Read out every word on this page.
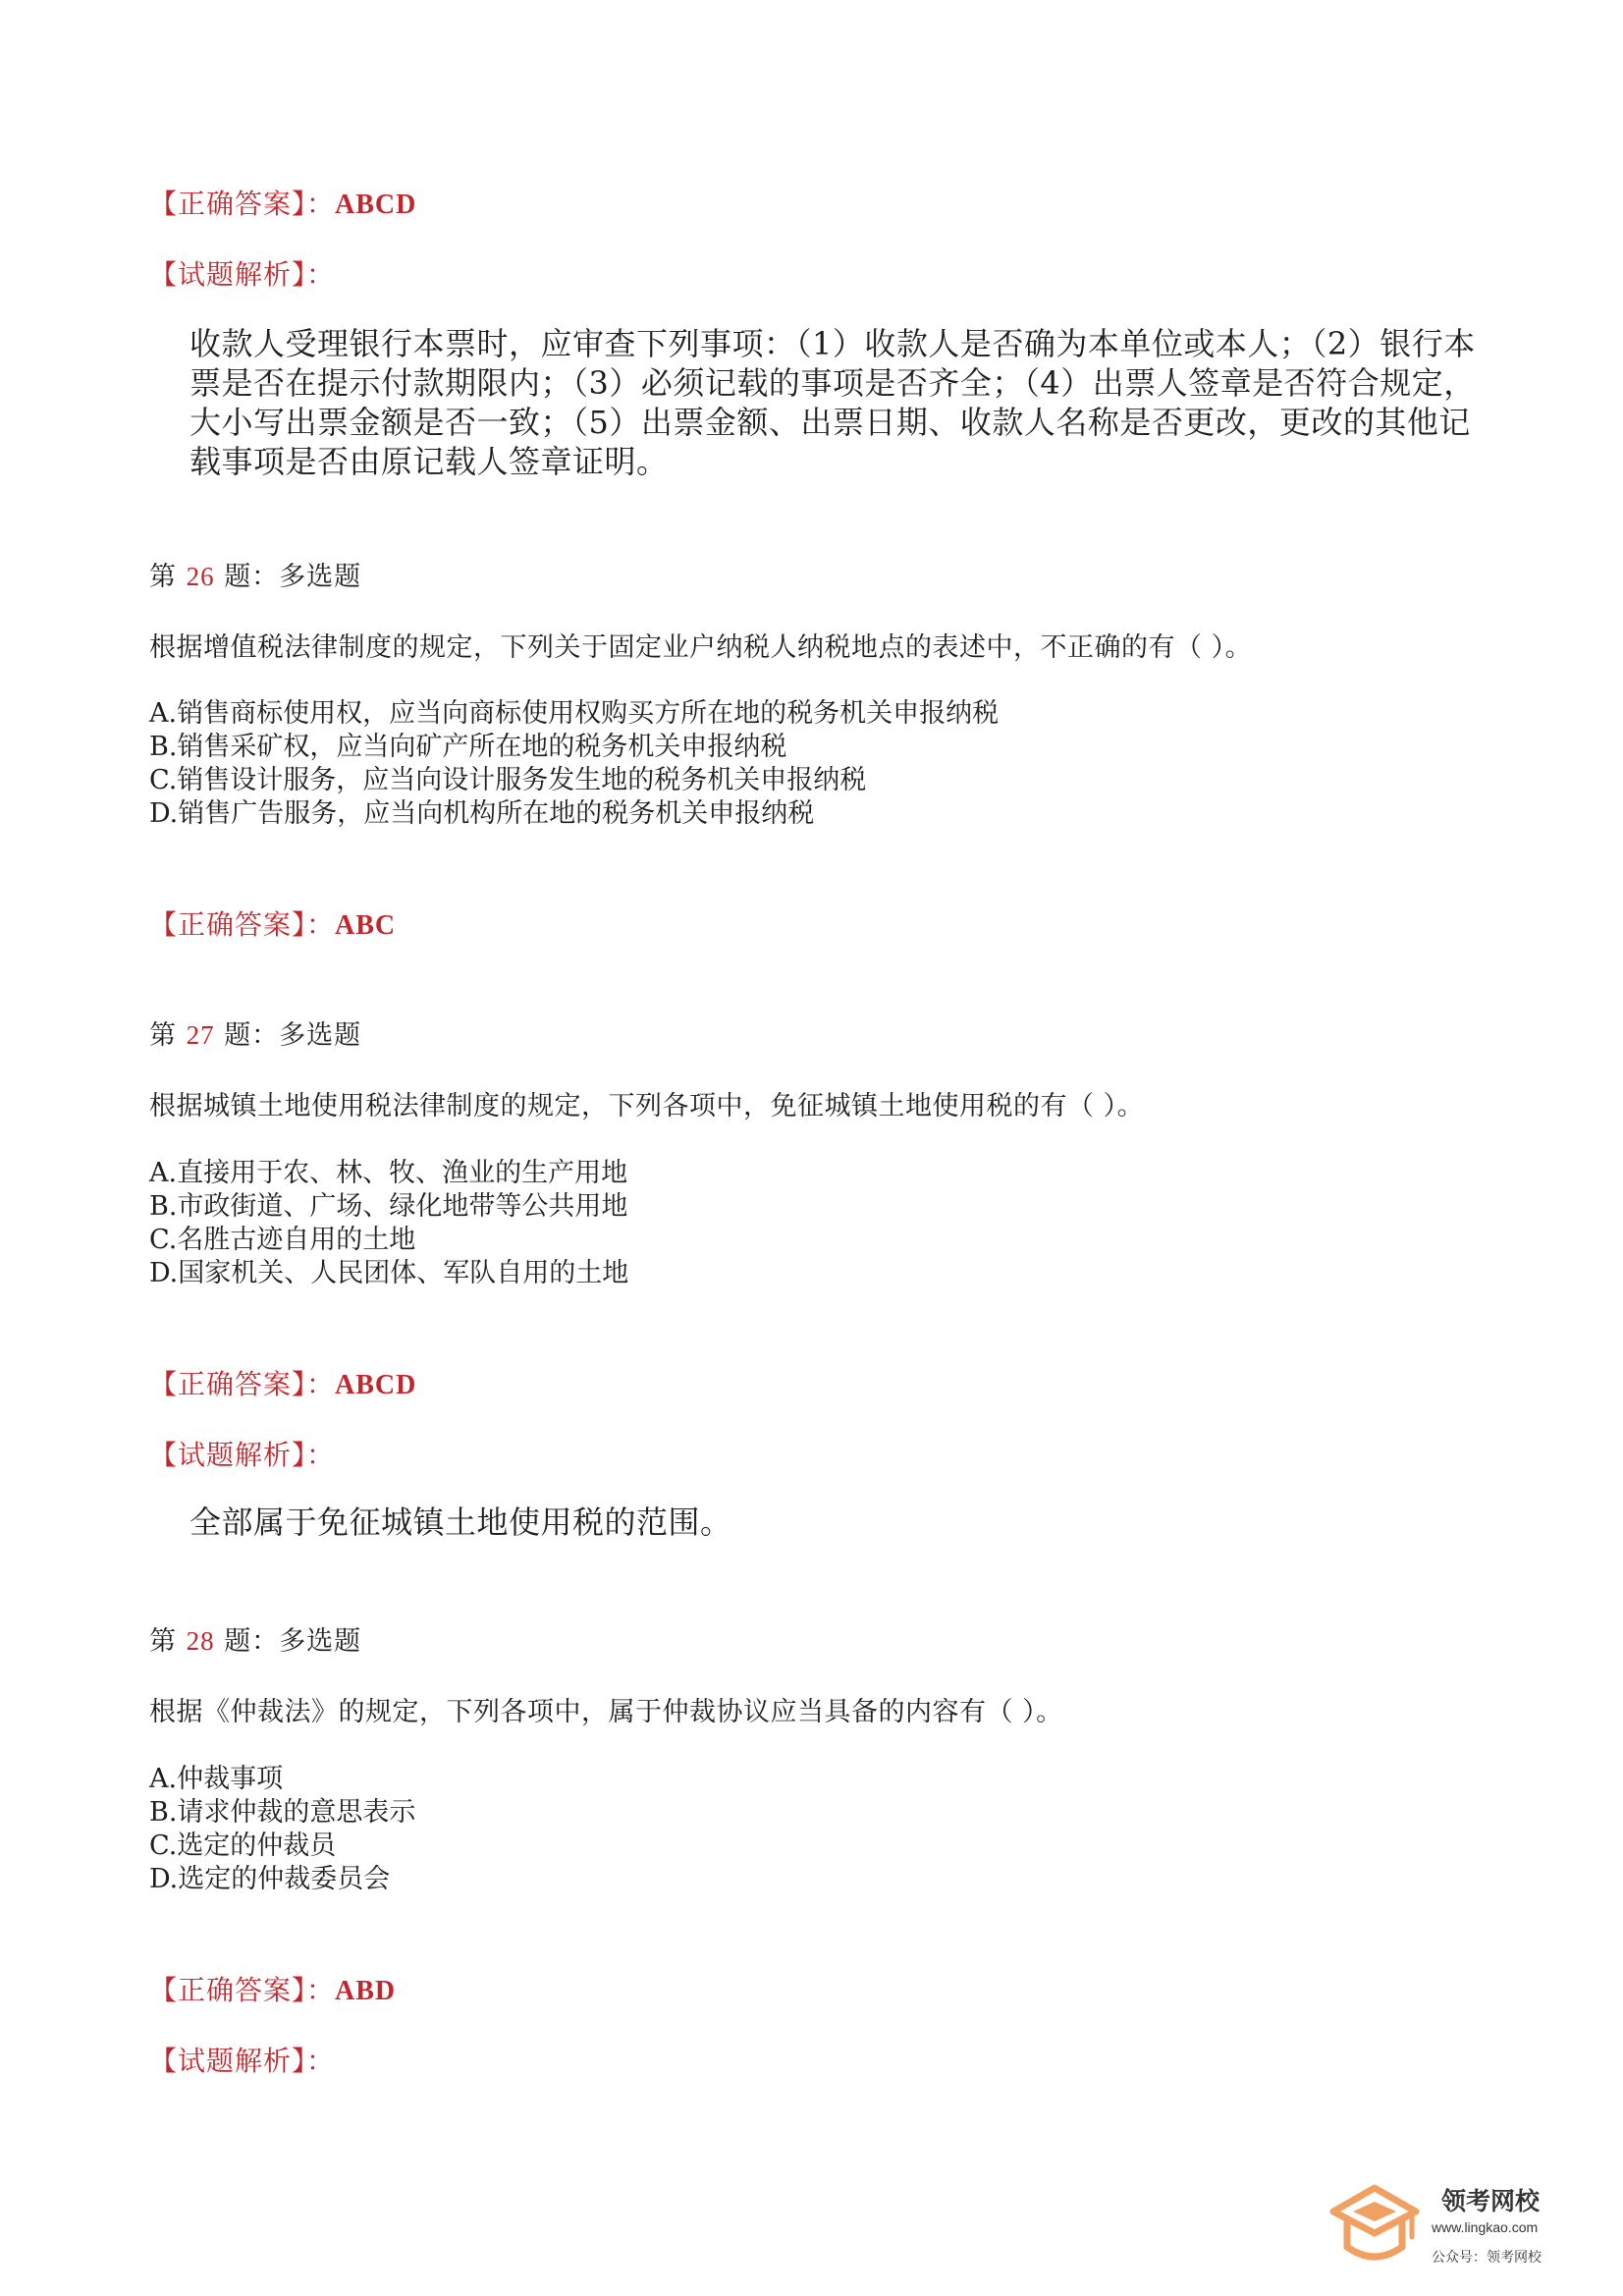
【正确答案】：ABCD
【试题解析】：
收款人受理银行本票时，应审查下列事项：（1）收款人是否确为本单位或本人；（2）银行本票是否在提示付款期限内；（3）必须记载的事项是否齐全；（4）出票人签章是否符合规定，大小写出票金额是否一致；（5）出票金额、出票日期、收款人名称是否更改，更改的其他记载事项是否由原记载人签章证明。
第 26 题：多选题
根据增值税法律制度的规定，下列关于固定业户纳税人纳税地点的表述中，不正确的有（ ）。
A.销售商标使用权，应当向商标使用权购买方所在地的税务机关申报纳税
B.销售采矿权，应当向矿产所在地的税务机关申报纳税
C.销售设计服务，应当向设计服务发生地的税务机关申报纳税
D.销售广告服务，应当向机构所在地的税务机关申报纳税
【正确答案】：ABC
第 27 题：多选题
根据城镇土地使用税法律制度的规定，下列各项中，免征城镇土地使用税的有（ ）。
A.直接用于农、林、牧、渔业的生产用地
B.市政街道、广场、绿化地带等公共用地
C.名胜古迹自用的土地
D.国家机关、人民团体、军队自用的土地
【正确答案】：ABCD
【试题解析】：
全部属于免征城镇土地使用税的范围。
第 28 题：多选题
根据《仲裁法》的规定，下列各项中，属于仲裁协议应当具备的内容有（ ）。
A.仲裁事项
B.请求仲裁的意思表示
C.选定的仲裁员
D.选定的仲裁委员会
【正确答案】：ABD
【试题解析】：
领考网校
www.lingkao.com
公众号：领考网校
